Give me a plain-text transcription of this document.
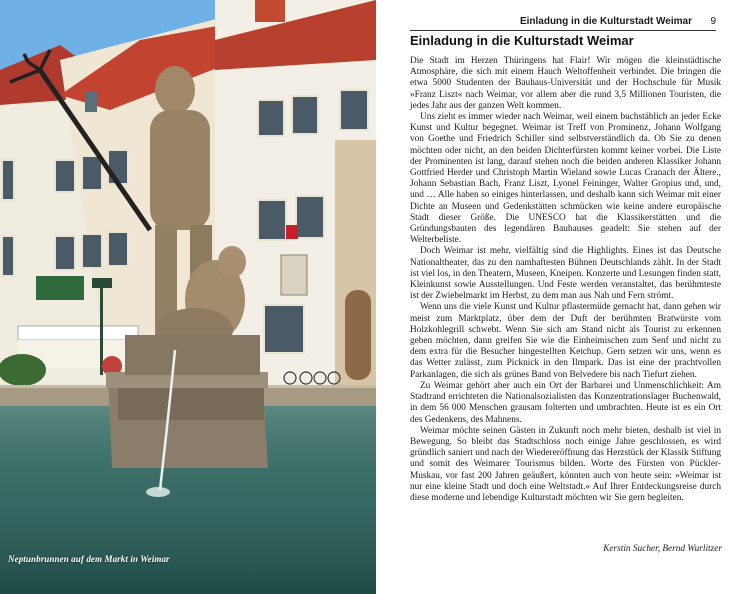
Neptunbrunnen auf dem Markt in Weimar
Einladung in die Kulturstadt Weimar 9
Einladung in die Kulturstadt Weimar

Die Stadt im Herzen Thüringens hat Flair! Wir mögen die kleinstädtische Atmosphäre, die sich mit einem Hauch Weltoffenheit verbindet. Die bringen die etwa 5000 Studenten der Bauhaus-Universität und der Hochschule für Musik »Franz Liszt« nach Weimar, vor allem aber die rund 3,5 Millionen Touristen, die jedes Jahr aus der ganzen Welt kommen.

Uns zieht es immer wieder nach Weimar, weil einem buchstäblich an jeder Ecke Kunst und Kultur begegnet. Weimar ist Treff von Prominenz, Johann Wolfgang von Goethe und Friedrich Schiller sind selbstverständlich da. Ob Sie zu denen möchten oder nicht, an den beiden Dichterfürsten kommt keiner vorbei. Die Liste der Prominenten ist lang, darauf stehen noch die beiden anderen Klassiker Johann Gottfried Herder und Christoph Martin Wieland sowie Lucas Cranach der Ältere., Johann Sebastian Bach, Franz Liszt, Lyonel Feininger, Walter Gropius und, und, und … Alle haben so einiges hinterlassen, und deshalb kann sich Weimar mit einer Dichte an Museen und Gedenkstätten schmücken wie keine andere europäische Stadt dieser Größe. Die UNESCO hat die Klassikerstätten und die Gründungsbauten des legendären Bauhauses geadelt: Sie stehen auf der Welterbeliste.

Doch Weimar ist mehr, vielfältig sind die Highlights. Eines ist das Deutsche Nationaltheater, das zu den namhaftesten Bühnen Deutschlands zählt. In der Stadt ist viel los, in den Theatern, Museen, Kneipen. Konzerte und Lesungen finden statt, Kleinkunst sowie Ausstellungen. Und Feste werden veranstaltet, das berühmteste ist der Zwiebelmarkt im Herbst, zu dem man aus Nah und Fern strömt.

Wenn uns die viele Kunst und Kultur pflastermüde gemacht hat, dann gehen wir meist zum Marktplatz, über dem der Duft der berühmten Bratwürste vom Holzkohlegrill schwebt. Wenn Sie sich am Stand nicht als Tourist zu erkennen geben möchten, dann greifen Sie wie die Einheimischen zum Senf und nicht zu dem extra für die Besucher hingestellten Ketchup. Gern setzen wir uns, wenn es das Wetter zulässt, zum Picknick in den Ilmpark. Das ist eine der prachtvollen Parkanlagen, die sich als grünes Band von Belvedere bis nach Tiefurt ziehen.

Zu Weimar gehört aber auch ein Ort der Barbarei und Unmenschlichkeit: Am Stadtrand errichteten die Nationalsozialisten das Konzentrationslager Buchenwald, in dem 56 000 Menschen grausam folterten und umbrachten. Heute ist es ein Ort des Gedenkens, des Mahnens.

Weimar möchte seinen Gästen in Zukunft noch mehr bieten, deshalb ist viel in Bewegung. So bleibt das Stadtschloss noch einige Jahre geschlossen, es wird gründlich saniert und nach der Wiedereröffnung das Herzstück der Klassik Stiftung und somit des Weimarer Tourismus bilden. Worte des Fürsten von Pückler-Muskau, vor fast 200 Jahren geäußert, könnten auch von heute sein: »Weimar ist nur eine kleine Stadt und doch eine Weltstadt.« Auf Ihrer Entdeckungsreise durch diese moderne und lebendige Kulturstadt möchten wir Sie gern begleiten.

Kerstin Sucher, Bernd Wurlitzer
